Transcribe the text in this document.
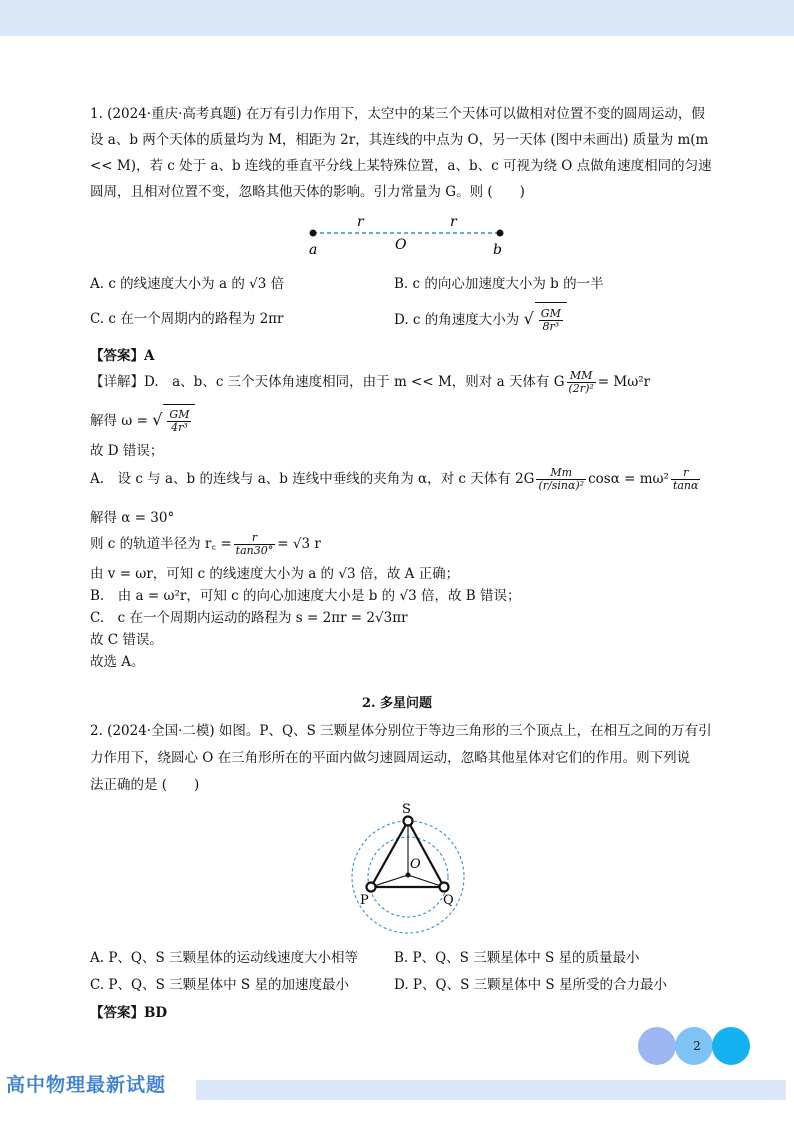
1. (2024·重庆·高考真题) 在万有引力作用下，太空中的某三个天体可以做相对位置不变的圆周运动，假
设 a、b 两个天体的质量均为 M，相距为 2r，其连线的中点为 O，另一天体 (图中未画出) 质量为 m(m
<< M)，若 c 处于 a、b 连线的垂直平分线上某特殊位置，a、b、c 可视为绕 O 点做角速度相同的匀速
圆周，且相对位置不变，忽略其他天体的影响。引力常量为 G。则 (　　)
a	b
O
r	r
A. c 的线速度大小为 a 的 √3 倍	B. c 的向心加速度大小为 b 的一半
C. c 在一个周期内的路程为 2πr	D. c 的角速度大小为 √ $\frac{GM}{\text{8r³}}$
【答案】A
【详解】D.　a、b、c 三个天体角速度相同，由于 m << M，则对 a 天体有 G $\frac{MM}{\text{(2r)²}} = M\omega^2r$
解得 ω = √ $\frac{GM}{\text{4r³}}$
故 D 错误；
A.　设 c 与 a、b 的连线与 a、b 连线中垂线的夹角为 α，对 c 天体有 $2G \frac{Mm}{\text{(r/sinα)²}}$ $\cos\alpha = m\omega^2 \frac{r}{\tan\alpha}$
解得 α = 30°
则 c 的轨道半径为 r꜀ = $\frac{r}{\tan 30^\circ} = √3$ r
由 v = ωr，可知 c 的线速度大小为 a 的 √3 倍，故 A 正确；
B.　由 a = ω²r，可知 c 的向心加速度大小是 b 的 √3 倍，故 B 错误；
C.　c 在一个周期内运动的路程为 s = 2πr = 2√3πr
故 C 错误。
故选 A。
2. 多星问题
2. (2024·全国·二模) 如图。P、Q、S 三颗星体分别位于等边三角形的三个顶点上，在相互之间的万有引
力作用下，绕圆心 O 在三角形所在的平面内做匀速圆周运动，忽略其他星体对它们的作用。则下列说
法正确的是 (　　)
S
P	Q
O
A. P、Q、S 三颗星体的运动线速度大小相等	B. P、Q、S 三颗星体中 S 星的质量最小
C. P、Q、S 三颗星体中 S 星的加速度最小	D. P、Q、S 三颗星体中 S 星所受的合力最小
【答案】BD
2
高中物理最新试题
